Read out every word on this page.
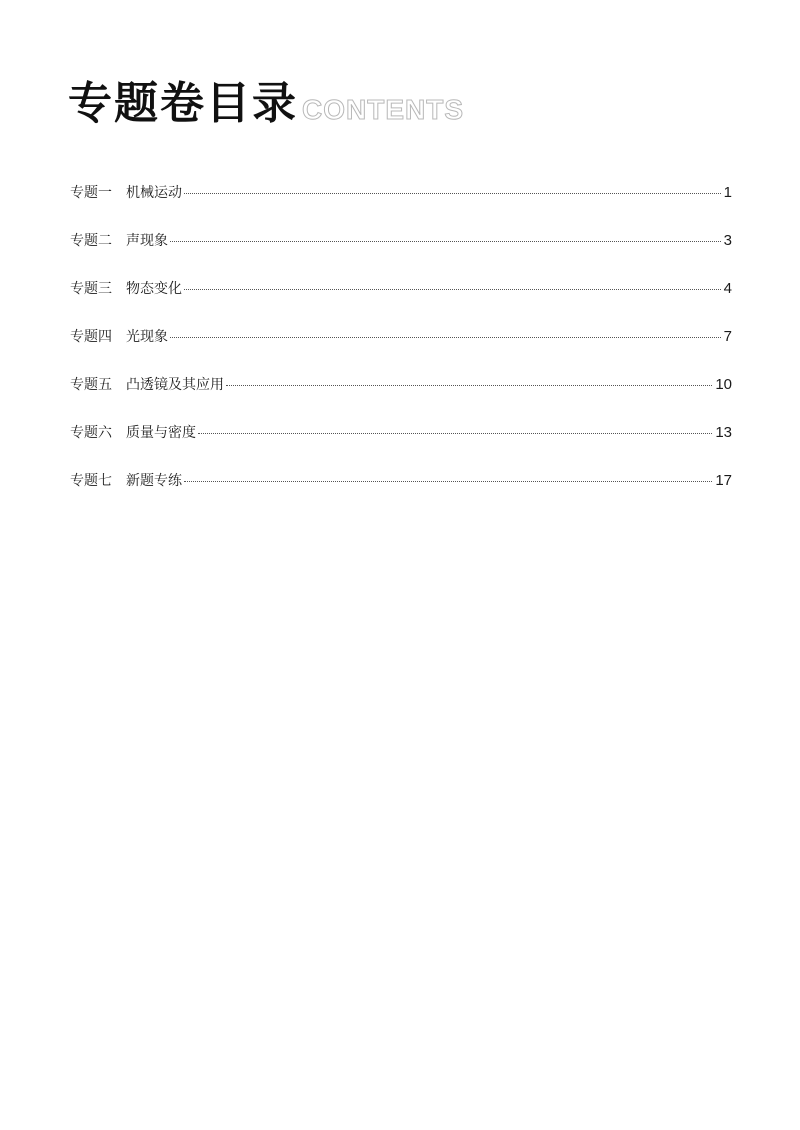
专题卷目录 CONTENTS
专题一 机械运动	1
专题二 声现象	3
专题三 物态变化	4
专题四 光现象	7
专题五 凸透镜及其应用	10
专题六 质量与密度	13
专题七 新题专练	17
